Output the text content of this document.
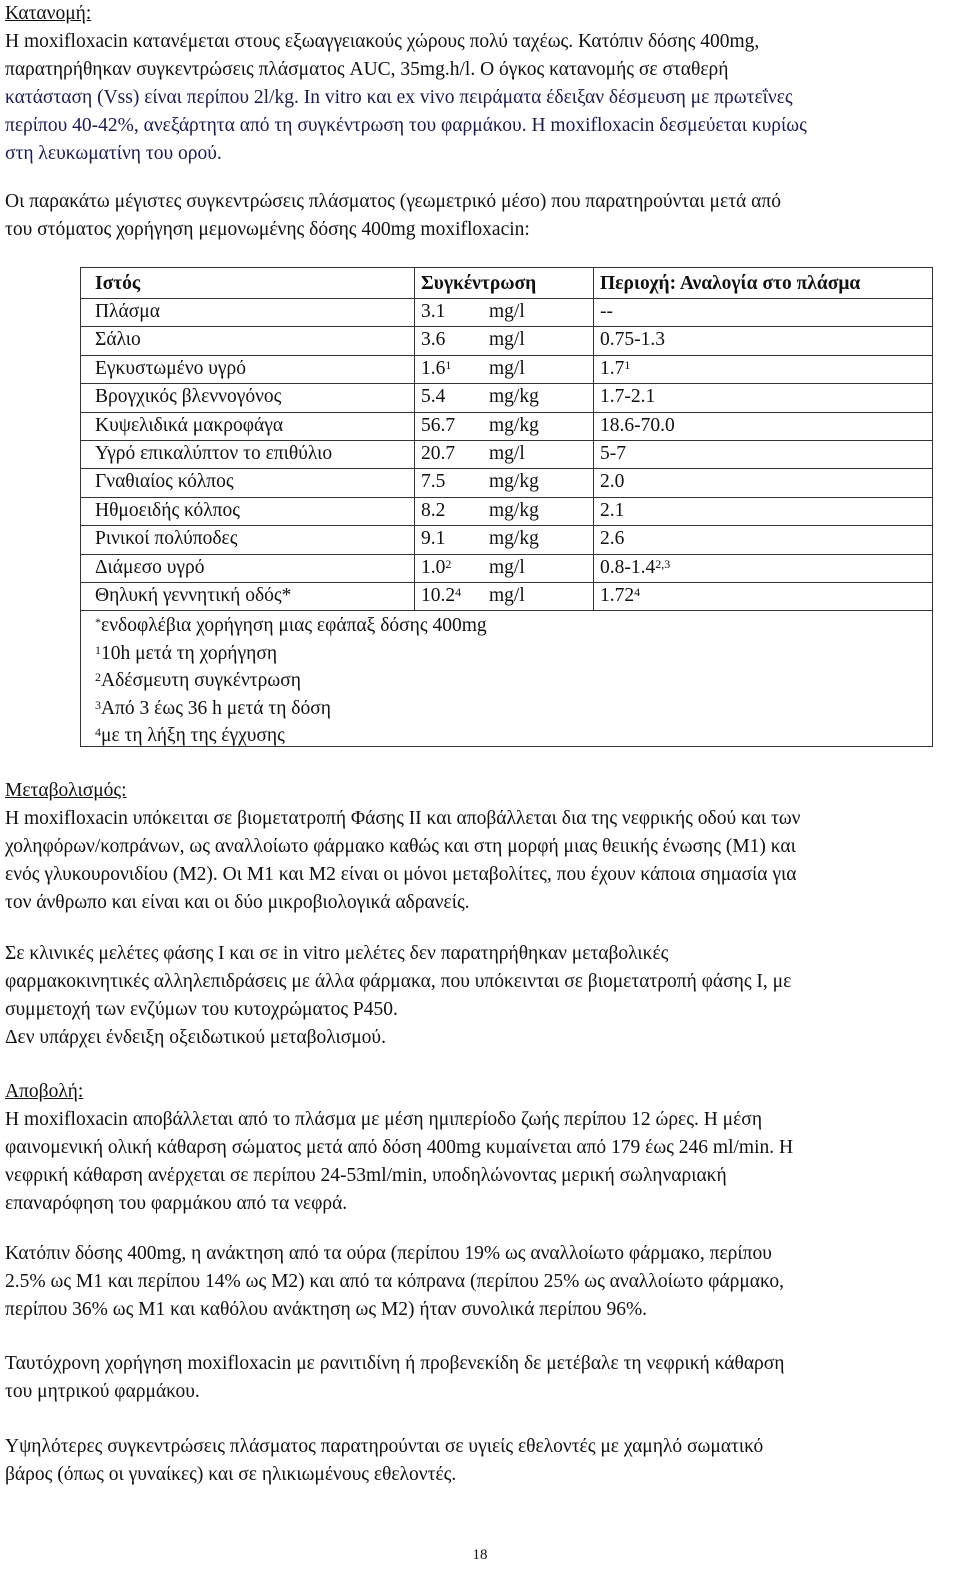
Κατανομή:
Η moxifloxacin κατανέμεται στους εξωαγγειακούς χώρους πολύ ταχέως. Κατόπιν δόσης 400mg,
παρατηρήθηκαν συγκεντρώσεις πλάσματος AUC, 35mg.h/l. Ο όγκος κατανομής σε σταθερή
κατάσταση (Vss) είναι περίπου 2l/kg. In vitro και ex vivo πειράματα έδειξαν δέσμευση με πρωτεΐνες
περίπου 40-42%, ανεξάρτητα από τη συγκέντρωση του φαρμάκου. Η moxifloxacin δεσμεύεται κυρίως
στη λευκωματίνη του ορού.
Οι παρακάτω μέγιστες συγκεντρώσεις πλάσματος (γεωμετρικό μέσο) που παρατηρούνται μετά από
του στόματος χορήγηση μεμονωμένης δόσης 400mg moxifloxacin:
Ιστός	Συγκέντρωση	Περιοχή: Αναλογία στο πλάσμα
Πλάσμα	3.1 mg/l	--
Σάλιο	3.6 mg/l	0.75-1.3
Εγκυστωμένο υγρό	$1.6^1$ mg/l	$1.7^1$
Βρογχικός βλεννογόνος	5.4 mg/kg	1.7-2.1
Κυψελιδικά μακροφάγα	56.7 mg/kg	18.6-70.0
Υγρό επικαλύπτον το επιθύλιο	20.7 mg/l	5-7
Γναθιαίος κόλπος	7.5 mg/kg	2.0
Ηθμοειδής κόλπος	8.2 mg/kg	2.1
Ρινικοί πολύποδες	9.1 mg/kg	2.6
Διάμεσο υγρό	$1.0^2$ mg/l	0.8-1.4$^{2,3}$
Θηλυκή γεννητική οδός*	10.2$^4$ mg/l	1.72$^4$
*ενδοφλέβια χορήγηση μιας εφάπαξ δόσης 400mg
$^1$10h μετά τη χορήγηση
$^2$Αδέσμευτη συγκέντρωση
$^3$Από 3 έως 36 h μετά τη δόση
$^4$με τη λήξη της έγχυσης
Μεταβολισμός:
Η moxifloxacin υπόκειται σε βιομετατροπή Φάσης ΙΙ και αποβάλλεται δια της νεφρικής οδού και των
χοληφόρων/κοπράνων, ως αναλλοίωτο φάρμακο καθώς και στη μορφή μιας θειικής ένωσης (Μ1) και
ενός γλυκουρονιδίου (Μ2). Οι Μ1 και Μ2 είναι οι μόνοι μεταβολίτες, που έχουν κάποια σημασία για
τον άνθρωπο και είναι και οι δύο μικροβιολογικά αδρανείς.
Σε κλινικές μελέτες φάσης Ι και σε in vitro μελέτες δεν παρατηρήθηκαν μεταβολικές
φαρμακοκινητικές αλληλεπιδράσεις με άλλα φάρμακα, που υπόκεινται σε βιομετατροπή φάσης Ι, με
συμμετοχή των ενζύμων του κυτοχρώματος P450.
Δεν υπάρχει ένδειξη οξειδωτικού μεταβολισμού.
Αποβολή:
Η moxifloxacin αποβάλλεται από το πλάσμα με μέση ημιπερίοδο ζωής περίπου 12 ώρες. Η μέση
φαινομενική ολική κάθαρση σώματος μετά από δόση 400mg κυμαίνεται από 179 έως 246 ml/min. Η
νεφρική κάθαρση ανέρχεται σε περίπου 24-53ml/min, υποδηλώνοντας μερική σωληναριακή
επαναρόφηση του φαρμάκου από τα νεφρά.
Κατόπιν δόσης 400mg, η ανάκτηση από τα ούρα (περίπου 19% ως αναλλοίωτο φάρμακο, περίπου
2.5% ως Μ1 και περίπου 14% ως Μ2) και από τα κόπρανα (περίπου 25% ως αναλλοίωτο φάρμακο,
περίπου 36% ως Μ1 και καθόλου ανάκτηση ως Μ2) ήταν συνολικά περίπου 96%.
Ταυτόχρονη χορήγηση moxifloxacin με ρανιτιδίνη ή προβενεκίδη δε μετέβαλε τη νεφρική κάθαρση
του μητρικού φαρμάκου.
Υψηλότερες συγκεντρώσεις πλάσματος παρατηρούνται σε υγιείς εθελοντές με χαμηλό σωματικό
βάρος (όπως οι γυναίκες) και σε ηλικιωμένους εθελοντές.
18
